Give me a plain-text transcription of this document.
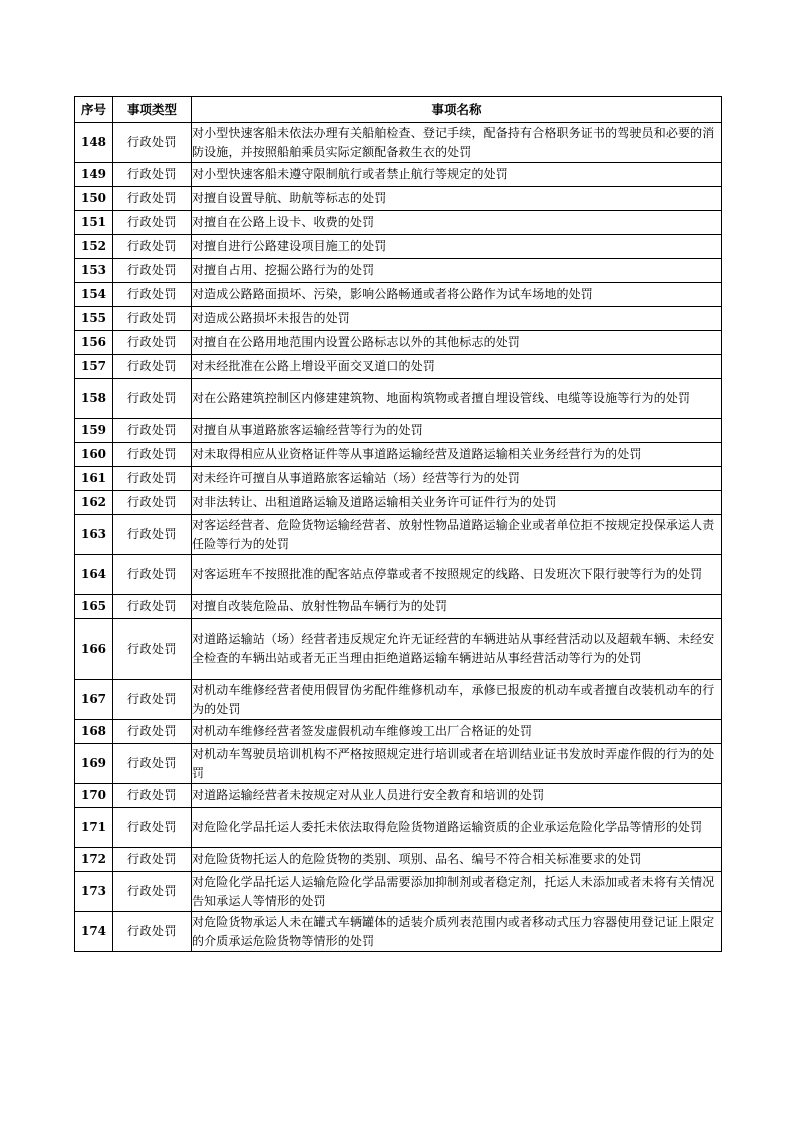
序号	事项类型	事项名称
148	行政处罚	对小型快速客船未依法办理有关船舶检查、登记手续，配备持有合格职务证书的驾驶员和必要的消防设施，并按照船舶乘员实际定额配备救生衣的处罚
149	行政处罚	对小型快速客船未遵守限制航行或者禁止航行等规定的处罚
150	行政处罚	对擅自设置导航、助航等标志的处罚
151	行政处罚	对擅自在公路上设卡、收费的处罚
152	行政处罚	对擅自进行公路建设项目施工的处罚
153	行政处罚	对擅自占用、挖掘公路行为的处罚
154	行政处罚	对造成公路路面损坏、污染，影响公路畅通或者将公路作为试车场地的处罚
155	行政处罚	对造成公路损坏未报告的处罚
156	行政处罚	对擅自在公路用地范围内设置公路标志以外的其他标志的处罚
157	行政处罚	对未经批准在公路上增设平面交叉道口的处罚
158	行政处罚	对在公路建筑控制区内修建建筑物、地面构筑物或者擅自埋设管线、电缆等设施等行为的处罚
159	行政处罚	对擅自从事道路旅客运输经营等行为的处罚
160	行政处罚	对未取得相应从业资格证件等从事道路运输经营及道路运输相关业务经营行为的处罚
161	行政处罚	对未经许可擅自从事道路旅客运输站（场）经营等行为的处罚
162	行政处罚	对非法转让、出租道路运输及道路运输相关业务许可证件行为的处罚
163	行政处罚	对客运经营者、危险货物运输经营者、放射性物品道路运输企业或者单位拒不按规定投保承运人责任险等行为的处罚
164	行政处罚	对客运班车不按照批准的配客站点停靠或者不按照规定的线路、日发班次下限行驶等行为的处罚
165	行政处罚	对擅自改装危险品、放射性物品车辆行为的处罚
166	行政处罚	对道路运输站（场）经营者违反规定允许无证经营的车辆进站从事经营活动以及超载车辆、未经安全检查的车辆出站或者无正当理由拒绝道路运输车辆进站从事经营活动等行为的处罚
167	行政处罚	对机动车维修经营者使用假冒伪劣配件维修机动车，承修已报废的机动车或者擅自改装机动车的行为的处罚
168	行政处罚	对机动车维修经营者签发虚假机动车维修竣工出厂合格证的处罚
169	行政处罚	对机动车驾驶员培训机构不严格按照规定进行培训或者在培训结业证书发放时弄虚作假的行为的处罚
170	行政处罚	对道路运输经营者未按规定对从业人员进行安全教育和培训的处罚
171	行政处罚	对危险化学品托运人委托未依法取得危险货物道路运输资质的企业承运危险化学品等情形的处罚
172	行政处罚	对危险货物托运人的危险货物的类别、项别、品名、编号不符合相关标准要求的处罚
173	行政处罚	对危险化学品托运人运输危险化学品需要添加抑制剂或者稳定剂，托运人未添加或者未将有关情况告知承运人等情形的处罚
174	行政处罚	对危险货物承运人未在罐式车辆罐体的适装介质列表范围内或者移动式压力容器使用登记证上限定的介质承运危险货物等情形的处罚
